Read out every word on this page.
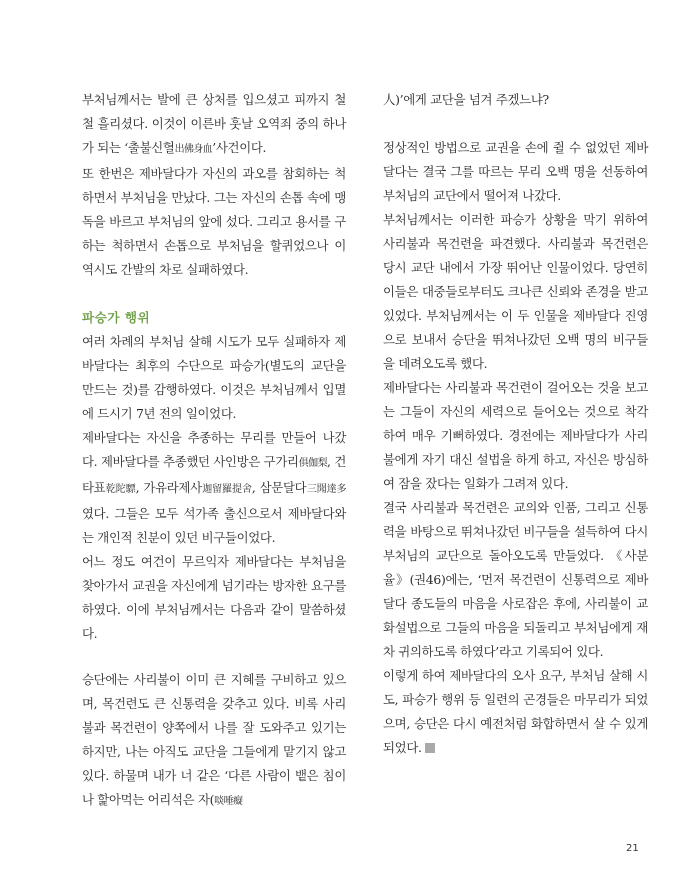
부처님께서는 발에 큰 상처를 입으셨고 피까지 철철 흘리셨다. 이것이 이른바 훗날 오역죄 중의 하나가 되는 ‘출불신혈出佛身血’사건이다.

또 한번은 제바달다가 자신의 과오를 참회하는 척하면서 부처님을 만났다. 그는 자신의 손톱 속에 맹독을 바르고 부처님의 앞에 섰다. 그리고 용서를 구하는 척하면서 손톱으로 부처님을 할퀴었으나 이 역시도 간발의 차로 실패하였다.

파승가 행위

여러 차례의 부처님 살해 시도가 모두 실패하자 제바달다는 최후의 수단으로 파승가(별도의 교단을 만드는 것)를 감행하였다. 이것은 부처님께서 입멸에 드시기 7년 전의 일이었다.

제바달다는 자신을 추종하는 무리를 만들어 나갔다. 제바달다를 추종했던 사인방은 구가리俱伽梨, 건타표乾陀驃, 가유라제사迦留羅提舍, 삼문달다三聞達多였다. 그들은 모두 석가족 출신으로서 제바달다와는 개인적 친분이 있던 비구들이었다.

어느 정도 여건이 무르익자 제바달다는 부처님을 찾아가서 교권을 자신에게 넘기라는 방자한 요구를 하였다. 이에 부처님께서는 다음과 같이 말씀하셨다.

승단에는 사리불이 이미 큰 지혜를 구비하고 있으며, 목건련도 큰 신통력을 갖추고 있다. 비록 사리불과 목건련이 양쪽에서 나를 잘 도와주고 있기는 하지만, 나는 아직도 교단을 그들에게 맡기지 않고 있다. 하물며 내가 너 같은 ‘다른 사람이 뱉은 침이나 핥아먹는 어리석은 자(啖唾癡

人)’에게 교단을 넘겨 주겠느냐?

정상적인 방법으로 교권을 손에 쥘 수 없었던 제바달다는 결국 그를 따르는 무리 오백 명을 선동하여 부처님의 교단에서 떨어져 나갔다.

부처님께서는 이러한 파승가 상황을 막기 위하여 사리불과 목건련을 파견했다. 사리불과 목건련은 당시 교단 내에서 가장 뛰어난 인물이었다. 당연히 이들은 대중들로부터도 크나큰 신뢰와 존경을 받고 있었다. 부처님께서는 이 두 인물을 제바달다 진영으로 보내서 승단을 뛰쳐나갔던 오백 명의 비구들을 데려오도록 했다.

제바달다는 사리불과 목건련이 걸어오는 것을 보고는 그들이 자신의 세력으로 들어오는 것으로 착각하여 매우 기뻐하였다. 경전에는 제바달다가 사리불에게 자기 대신 설법을 하게 하고, 자신은 방심하여 잠을 잤다는 일화가 그려져 있다.

결국 사리불과 목건련은 교의와 인품, 그리고 신통력을 바탕으로 뛰쳐나갔던 비구들을 설득하여 다시 부처님의 교단으로 돌아오도록 만들었다. 《사분율》(권46)에는, ‘먼저 목건련이 신통력으로 제바달다 종도들의 마음을 사로잡은 후에, 사리불이 교화설법으로 그들의 마음을 되돌리고 부처님에게 재차 귀의하도록 하였다’라고 기록되어 있다.

이렇게 하여 제바달다의 오사 요구, 부처님 살해 시도, 파승가 행위 등 일련의 곤경들은 마무리가 되었으며, 승단은 다시 예전처럼 화합하면서 살 수 있게 되었다.

21
